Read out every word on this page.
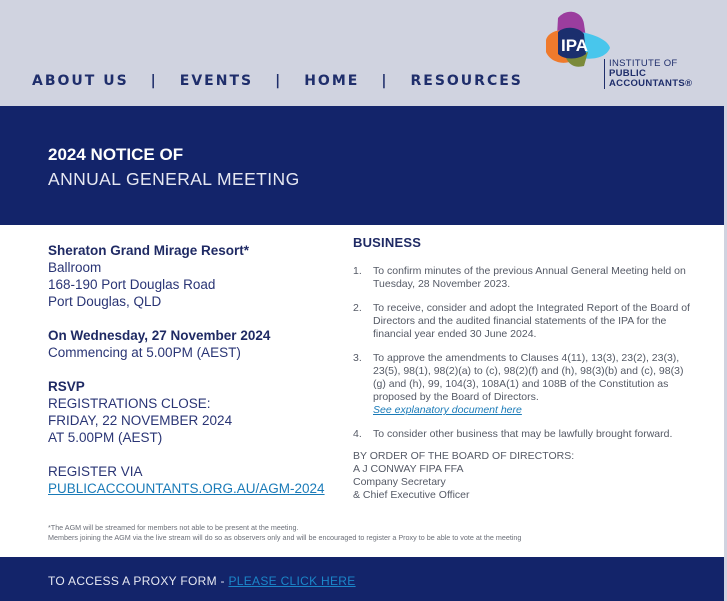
ABOUT US | EVENTS | HOME | RESOURCES
IPA
INSTITUTE OF
PUBLIC
ACCOUNTANTS®
2024 NOTICE OF
ANNUAL GENERAL MEETING
Sheraton Grand Mirage Resort*
Ballroom
168-190 Port Douglas Road
Port Douglas, QLD
On Wednesday, 27 November 2024
Commencing at 5.00PM (AEST)
RSVP
REGISTRATIONS CLOSE:
FRIDAY, 22 NOVEMBER 2024
AT 5.00PM (AEST)
REGISTER VIA
PUBLICACCOUNTANTS.ORG.AU/AGM-2024
BUSINESS
1.	To confirm minutes of the previous Annual General Meeting held on Tuesday, 28 November 2023.
2.	To receive, consider and adopt the Integrated Report of the Board of Directors and the audited financial statements of the IPA for the financial year ended 30 June 2024.
3.	To approve the amendments to Clauses 4(11), 13(3), 23(2), 23(3), 23(5), 98(1), 98(2)(a) to (c), 98(2)(f) and (h), 98(3)(b) and (c), 98(3)(g) and (h), 99, 104(3), 108A(1) and 108B of the Constitution as proposed by the Board of Directors.
See explanatory document here
4.	To consider other business that may be lawfully brought forward.
BY ORDER OF THE BOARD OF DIRECTORS:
A J CONWAY FIPA FFA
Company Secretary
& Chief Executive Officer
*The AGM will be streamed for members not able to be present at the meeting.
Members joining the AGM via the live stream will do so as observers only and will be encouraged to register a Proxy to be able to vote at the meeting
TO ACCESS A PROXY FORM - PLEASE CLICK HERE
